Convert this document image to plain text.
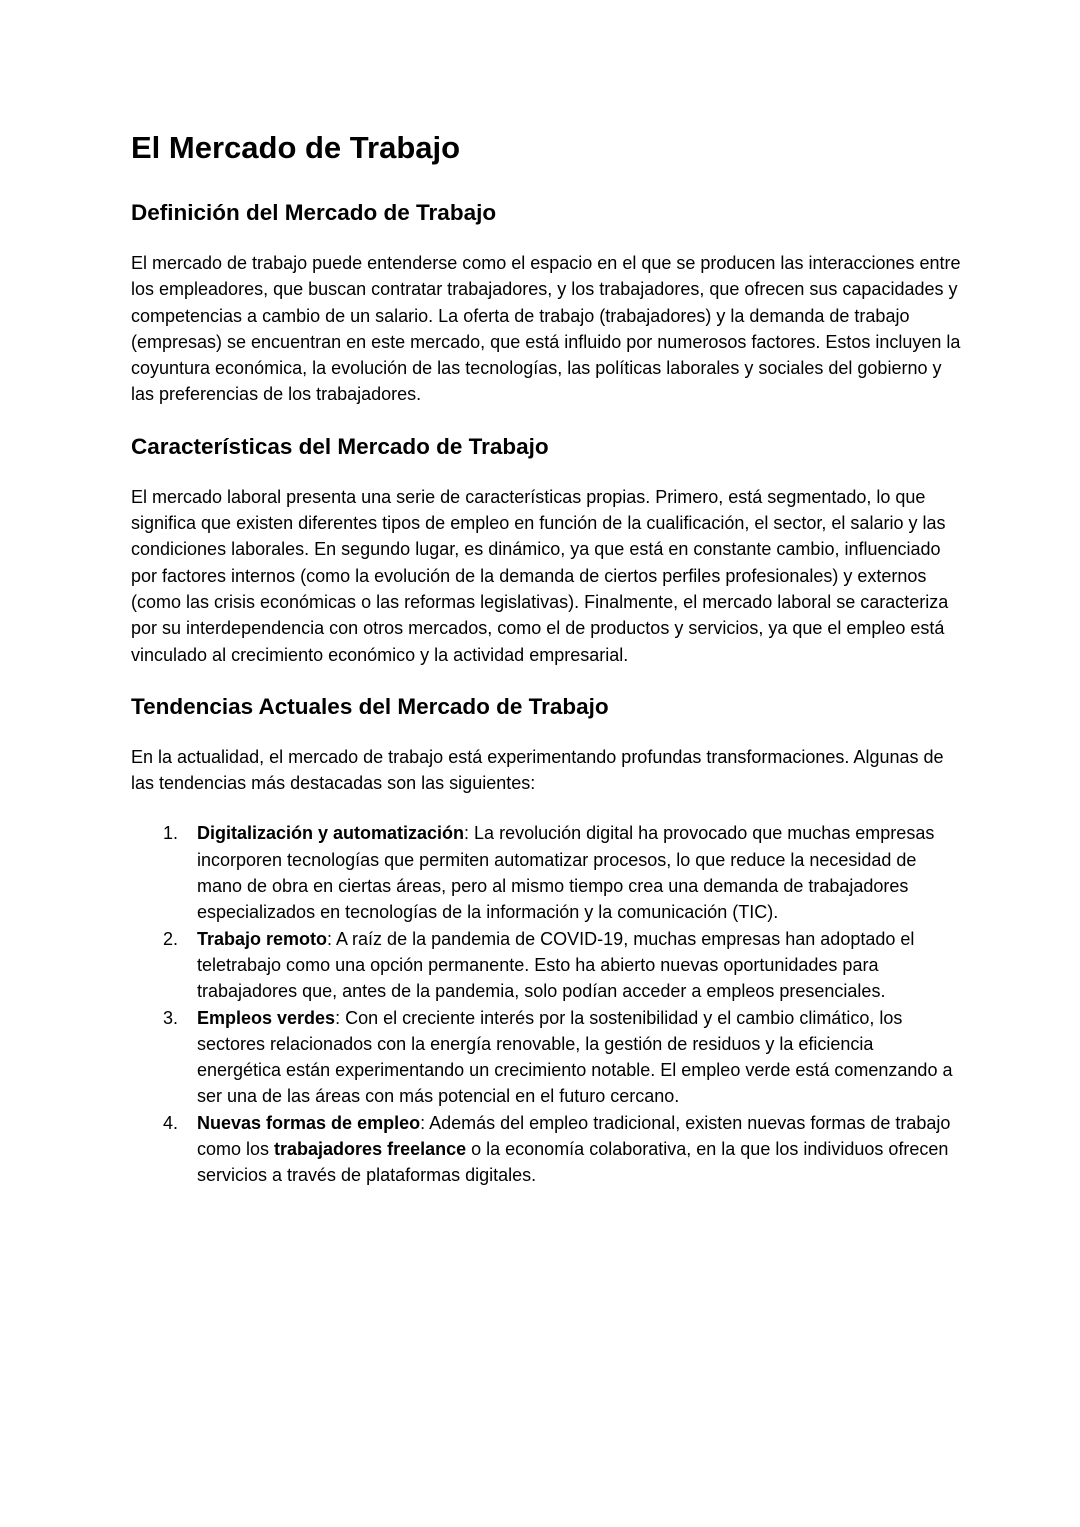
El Mercado de Trabajo
Definición del Mercado de Trabajo

El mercado de trabajo puede entenderse como el espacio en el que se producen las interacciones entre los empleadores, que buscan contratar trabajadores, y los trabajadores, que ofrecen sus capacidades y competencias a cambio de un salario. La oferta de trabajo (trabajadores) y la demanda de trabajo (empresas) se encuentran en este mercado, que está influido por numerosos factores. Estos incluyen la coyuntura económica, la evolución de las tecnologías, las políticas laborales y sociales del gobierno y las preferencias de los trabajadores.

Características del Mercado de Trabajo

El mercado laboral presenta una serie de características propias. Primero, está segmentado, lo que significa que existen diferentes tipos de empleo en función de la cualificación, el sector, el salario y las condiciones laborales. En segundo lugar, es dinámico, ya que está en constante cambio, influenciado por factores internos (como la evolución de la demanda de ciertos perfiles profesionales) y externos (como las crisis económicas o las reformas legislativas). Finalmente, el mercado laboral se caracteriza por su interdependencia con otros mercados, como el de productos y servicios, ya que el empleo está vinculado al crecimiento económico y la actividad empresarial.

Tendencias Actuales del Mercado de Trabajo

En la actualidad, el mercado de trabajo está experimentando profundas transformaciones. Algunas de las tendencias más destacadas son las siguientes:

1. Digitalización y automatización: La revolución digital ha provocado que muchas empresas incorporen tecnologías que permiten automatizar procesos, lo que reduce la necesidad de mano de obra en ciertas áreas, pero al mismo tiempo crea una demanda de trabajadores especializados en tecnologías de la información y la comunicación (TIC).
2. Trabajo remoto: A raíz de la pandemia de COVID-19, muchas empresas han adoptado el teletrabajo como una opción permanente. Esto ha abierto nuevas oportunidades para trabajadores que, antes de la pandemia, solo podían acceder a empleos presenciales.
3. Empleos verdes: Con el creciente interés por la sostenibilidad y el cambio climático, los sectores relacionados con la energía renovable, la gestión de residuos y la eficiencia energética están experimentando un crecimiento notable. El empleo verde está comenzando a ser una de las áreas con más potencial en el futuro cercano.
4. Nuevas formas de empleo: Además del empleo tradicional, existen nuevas formas de trabajo como los trabajadores freelance o la economía colaborativa, en la que los individuos ofrecen servicios a través de plataformas digitales.
